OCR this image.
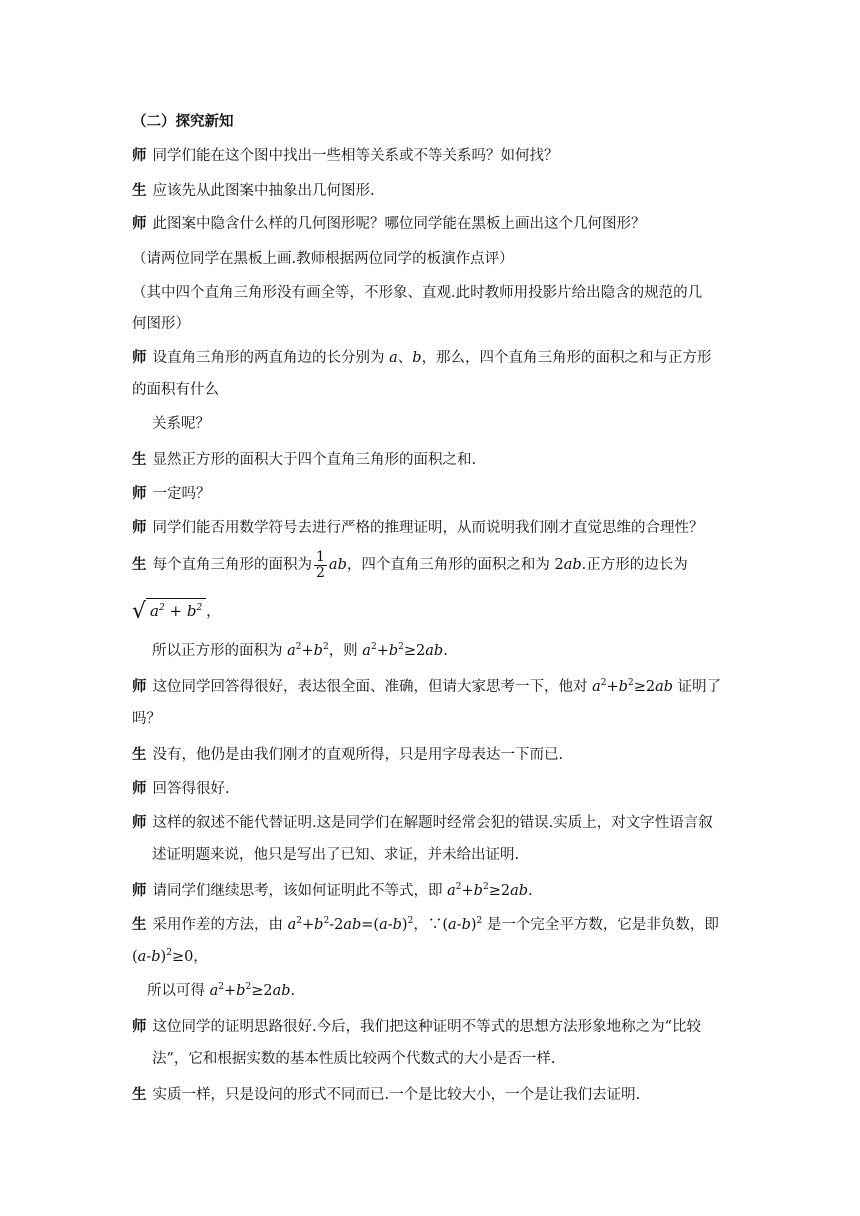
（二）探究新知
师 同学们能在这个图中找出一些相等关系或不等关系吗？如何找？
生 应该先从此图案中抽象出几何图形.
师 此图案中隐含什么样的几何图形呢？哪位同学能在黑板上画出这个几何图形？
（请两位同学在黑板上画.教师根据两位同学的板演作点评）
（其中四个直角三角形没有画全等，不形象、直观.此时教师用投影片给出隐含的规范的几
何图形）
师 设直角三角形的两直角边的长分别为 a、b，那么，四个直角三角形的面积之和与正方形
的面积有什么
关系呢？
生 显然正方形的面积大于四个直角三角形的面积之和.
师 一定吗？
师 同学们能否用数学符号去进行严格的推理证明，从而说明我们刚才直觉思维的合理性？
生 每个直角三角形的面积为 $\frac{1}{2}$ ab，四个直角三角形的面积之和为 2ab.正方形的边长为
√ $a^2 + b^2$ ，
所以正方形的面积为 $a^2+b^2$，则 $a^2+b^2\ge 2ab$.
师 这位同学回答得很好，表达很全面、准确，但请大家思考一下，他对 $a^2+b^2\ge 2ab$ 证明了
吗？
生 没有，他仍是由我们刚才的直观所得，只是用字母表达一下而已.
师 回答得很好.
师 这样的叙述不能代替证明.这是同学们在解题时经常会犯的错误.实质上，对文字性语言叙
述证明题来说，他只是写出了已知、求证，并未给出证明.
师 请同学们继续思考，该如何证明此不等式，即 $a^2+b^2\ge 2ab$.
生 采用作差的方法，由 $a^2+b^2-2ab=(a-b)^2$，$\because(a-b)^2$ 是一个完全平方数，它是非负数，即
$(a-b)^2\ge 0$，
所以可得 $a^2+b^2\ge 2ab$.
师 这位同学的证明思路很好.今后，我们把这种证明不等式的思想方法形象地称之为“比较
法”，它和根据实数的基本性质比较两个代数式的大小是否一样.
生 实质一样，只是设问的形式不同而已.一个是比较大小，一个是让我们去证明.
